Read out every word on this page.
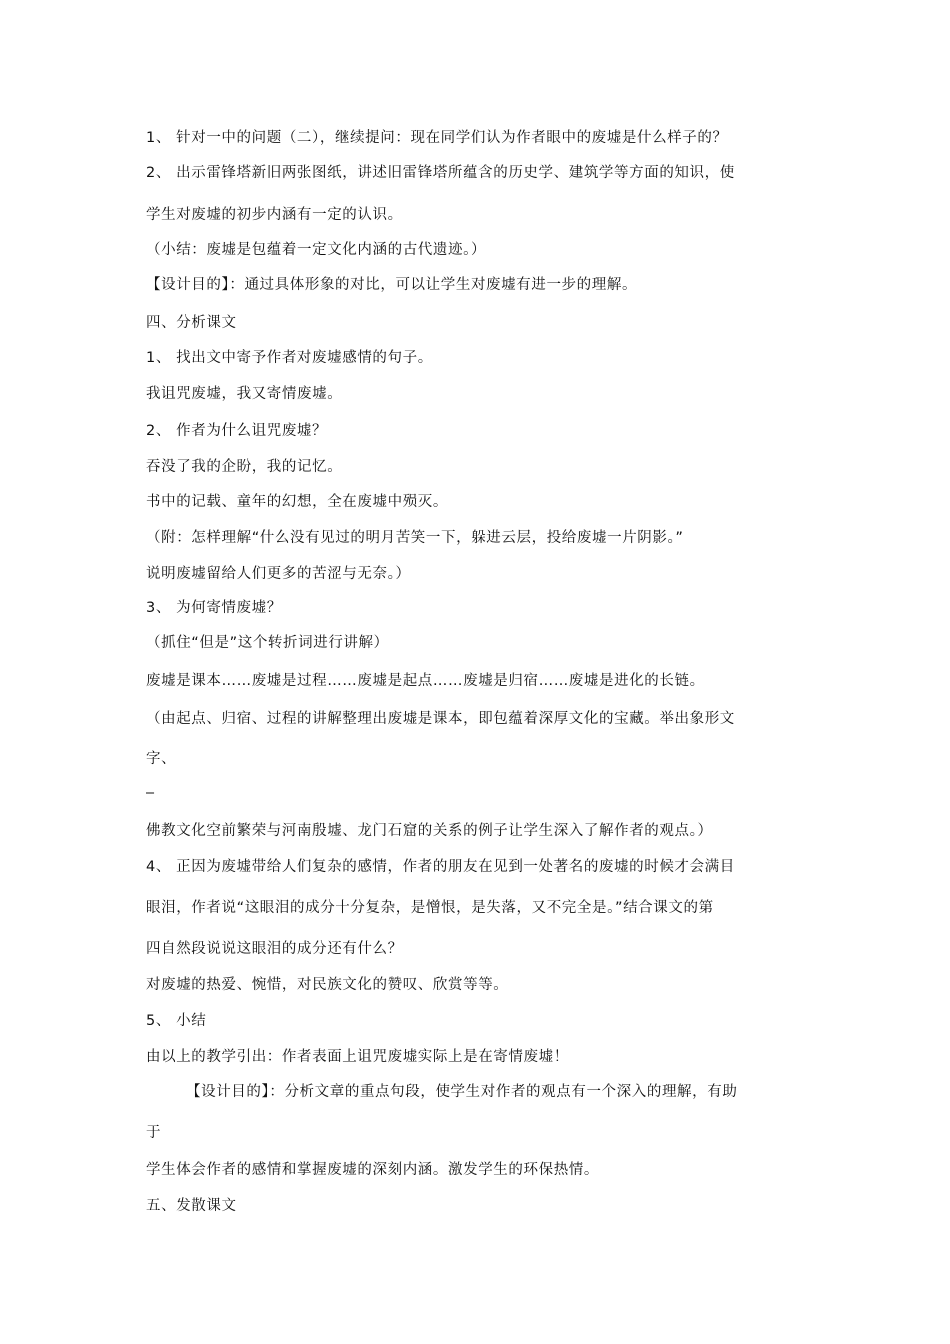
1、 针对一中的问题（二），继续提问：现在同学们认为作者眼中的废墟是什么样子的？
2、 出示雷锋塔新旧两张图纸，讲述旧雷锋塔所蕴含的历史学、建筑学等方面的知识，使
学生对废墟的初步内涵有一定的认识。
（小结：废墟是包蕴着一定文化内涵的古代遗迹。）
【设计目的】：通过具体形象的对比，可以让学生对废墟有进一步的理解。
四、分析课文
1、 找出文中寄予作者对废墟感情的句子。
我诅咒废墟，我又寄情废墟。
2、 作者为什么诅咒废墟？
吞没了我的企盼，我的记忆。
书中的记载、童年的幻想，全在废墟中殒灭。
（附：怎样理解“什么没有见过的明月苦笑一下，躲进云层，投给废墟一片阴影。”
说明废墟留给人们更多的苦涩与无奈。）
3、 为何寄情废墟？
（抓住“但是”这个转折词进行讲解）
废墟是课本……废墟是过程……废墟是起点……废墟是归宿……废墟是进化的长链。
（由起点、归宿、过程的讲解整理出废墟是课本，即包蕴着深厚文化的宝藏。举出象形文
字、
–
佛教文化空前繁荣与河南殷墟、龙门石窟的关系的例子让学生深入了解作者的观点。）
4、 正因为废墟带给人们复杂的感情，作者的朋友在见到一处著名的废墟的时候才会满目
眼泪，作者说“这眼泪的成分十分复杂，是憎恨，是失落，又不完全是。”结合课文的第
四自然段说说这眼泪的成分还有什么？
对废墟的热爱、惋惜，对民族文化的赞叹、欣赏等等。
5、 小结
由以上的教学引出：作者表面上诅咒废墟实际上是在寄情废墟！
【设计目的】：分析文章的重点句段，使学生对作者的观点有一个深入的理解，有助
于
学生体会作者的感情和掌握废墟的深刻内涵。激发学生的环保热情。
五、发散课文
